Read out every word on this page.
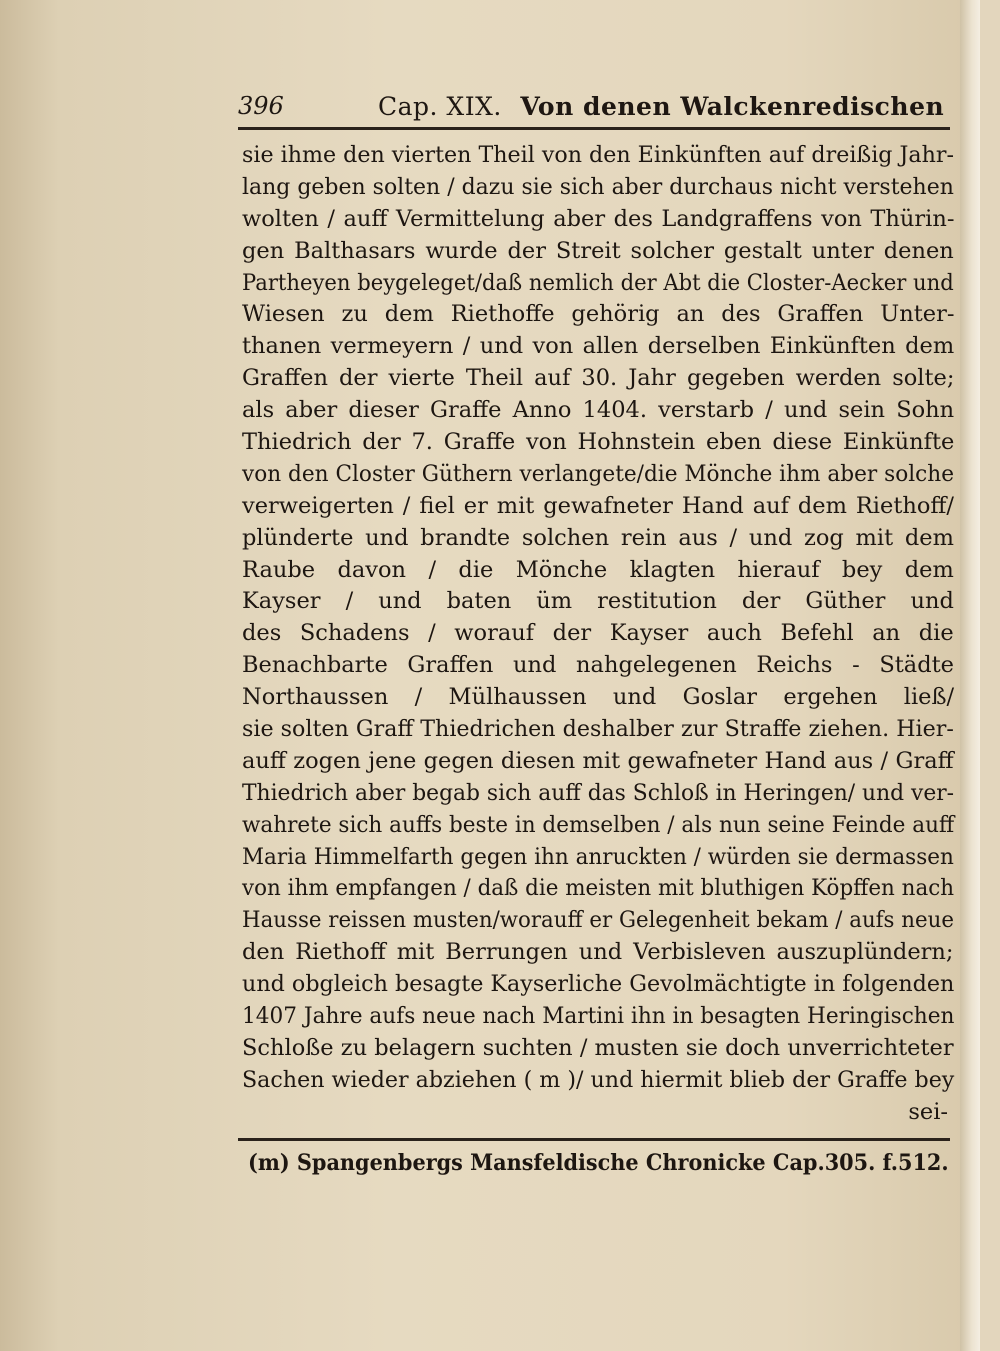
396	Cap. XIX. Von denen Walckenredischen
sie ihme den vierten Theil von den Einkünften auf dreißig Jahr-
lang geben solten / dazu sie sich aber durchaus nicht verstehen
wolten / auff Vermittelung aber des Landgraffens von Thürin-
gen Balthasars wurde der Streit solcher gestalt unter denen
Partheyen beygeleget/daß nemlich der Abt die Closter-Aecker und
Wiesen zu dem Riethoffe gehörig an des Graffen Unter-
thanen vermeyern / und von allen derselben Einkünften dem
Graffen der vierte Theil auf 30. Jahr gegeben werden solte;
als aber dieser Graffe Anno 1404. verstarb / und sein Sohn
Thiedrich der 7. Graffe von Hohnstein eben diese Einkünfte
von den Closter Güthern verlangete/die Mönche ihm aber solche
verweigerten / fiel er mit gewafneter Hand auf dem Riethoff/
plünderte und brandte solchen rein aus / und zog mit dem
Raube davon / die Mönche klagten hierauf bey dem
Kayser / und baten üm restitution der Güther und
des Schadens / worauf der Kayser auch Befehl an die
Benachbarte Graffen und nahgelegenen Reichs - Städte
Northaussen / Mülhaussen und Goslar ergehen ließ/
sie solten Graff Thiedrichen deshalber zur Straffe ziehen. Hier-
auff zogen jene gegen diesen mit gewafneter Hand aus / Graff
Thiedrich aber begab sich auff das Schloß in Heringen/ und ver-
wahrete sich auffs beste in demselben / als nun seine Feinde auff
Maria Himmelfarth gegen ihn anruckten / würden sie dermassen
von ihm empfangen / daß die meisten mit bluthigen Köpffen nach
Hausse reissen musten/worauff er Gelegenheit bekam / aufs neue
den Riethoff mit Berrungen und Verbisleven auszuplündern;
und obgleich besagte Kayserliche Gevolmächtigte in folgenden
1407 Jahre aufs neue nach Martini ihn in besagten Heringischen
Schloße zu belagern suchten / musten sie doch unverrichteter
Sachen wieder abziehen ( m )/ und hiermit blieb der Graffe bey
sei-
(m) Spangenbergs Mansfeldische Chronicke Cap.305. f.512.
